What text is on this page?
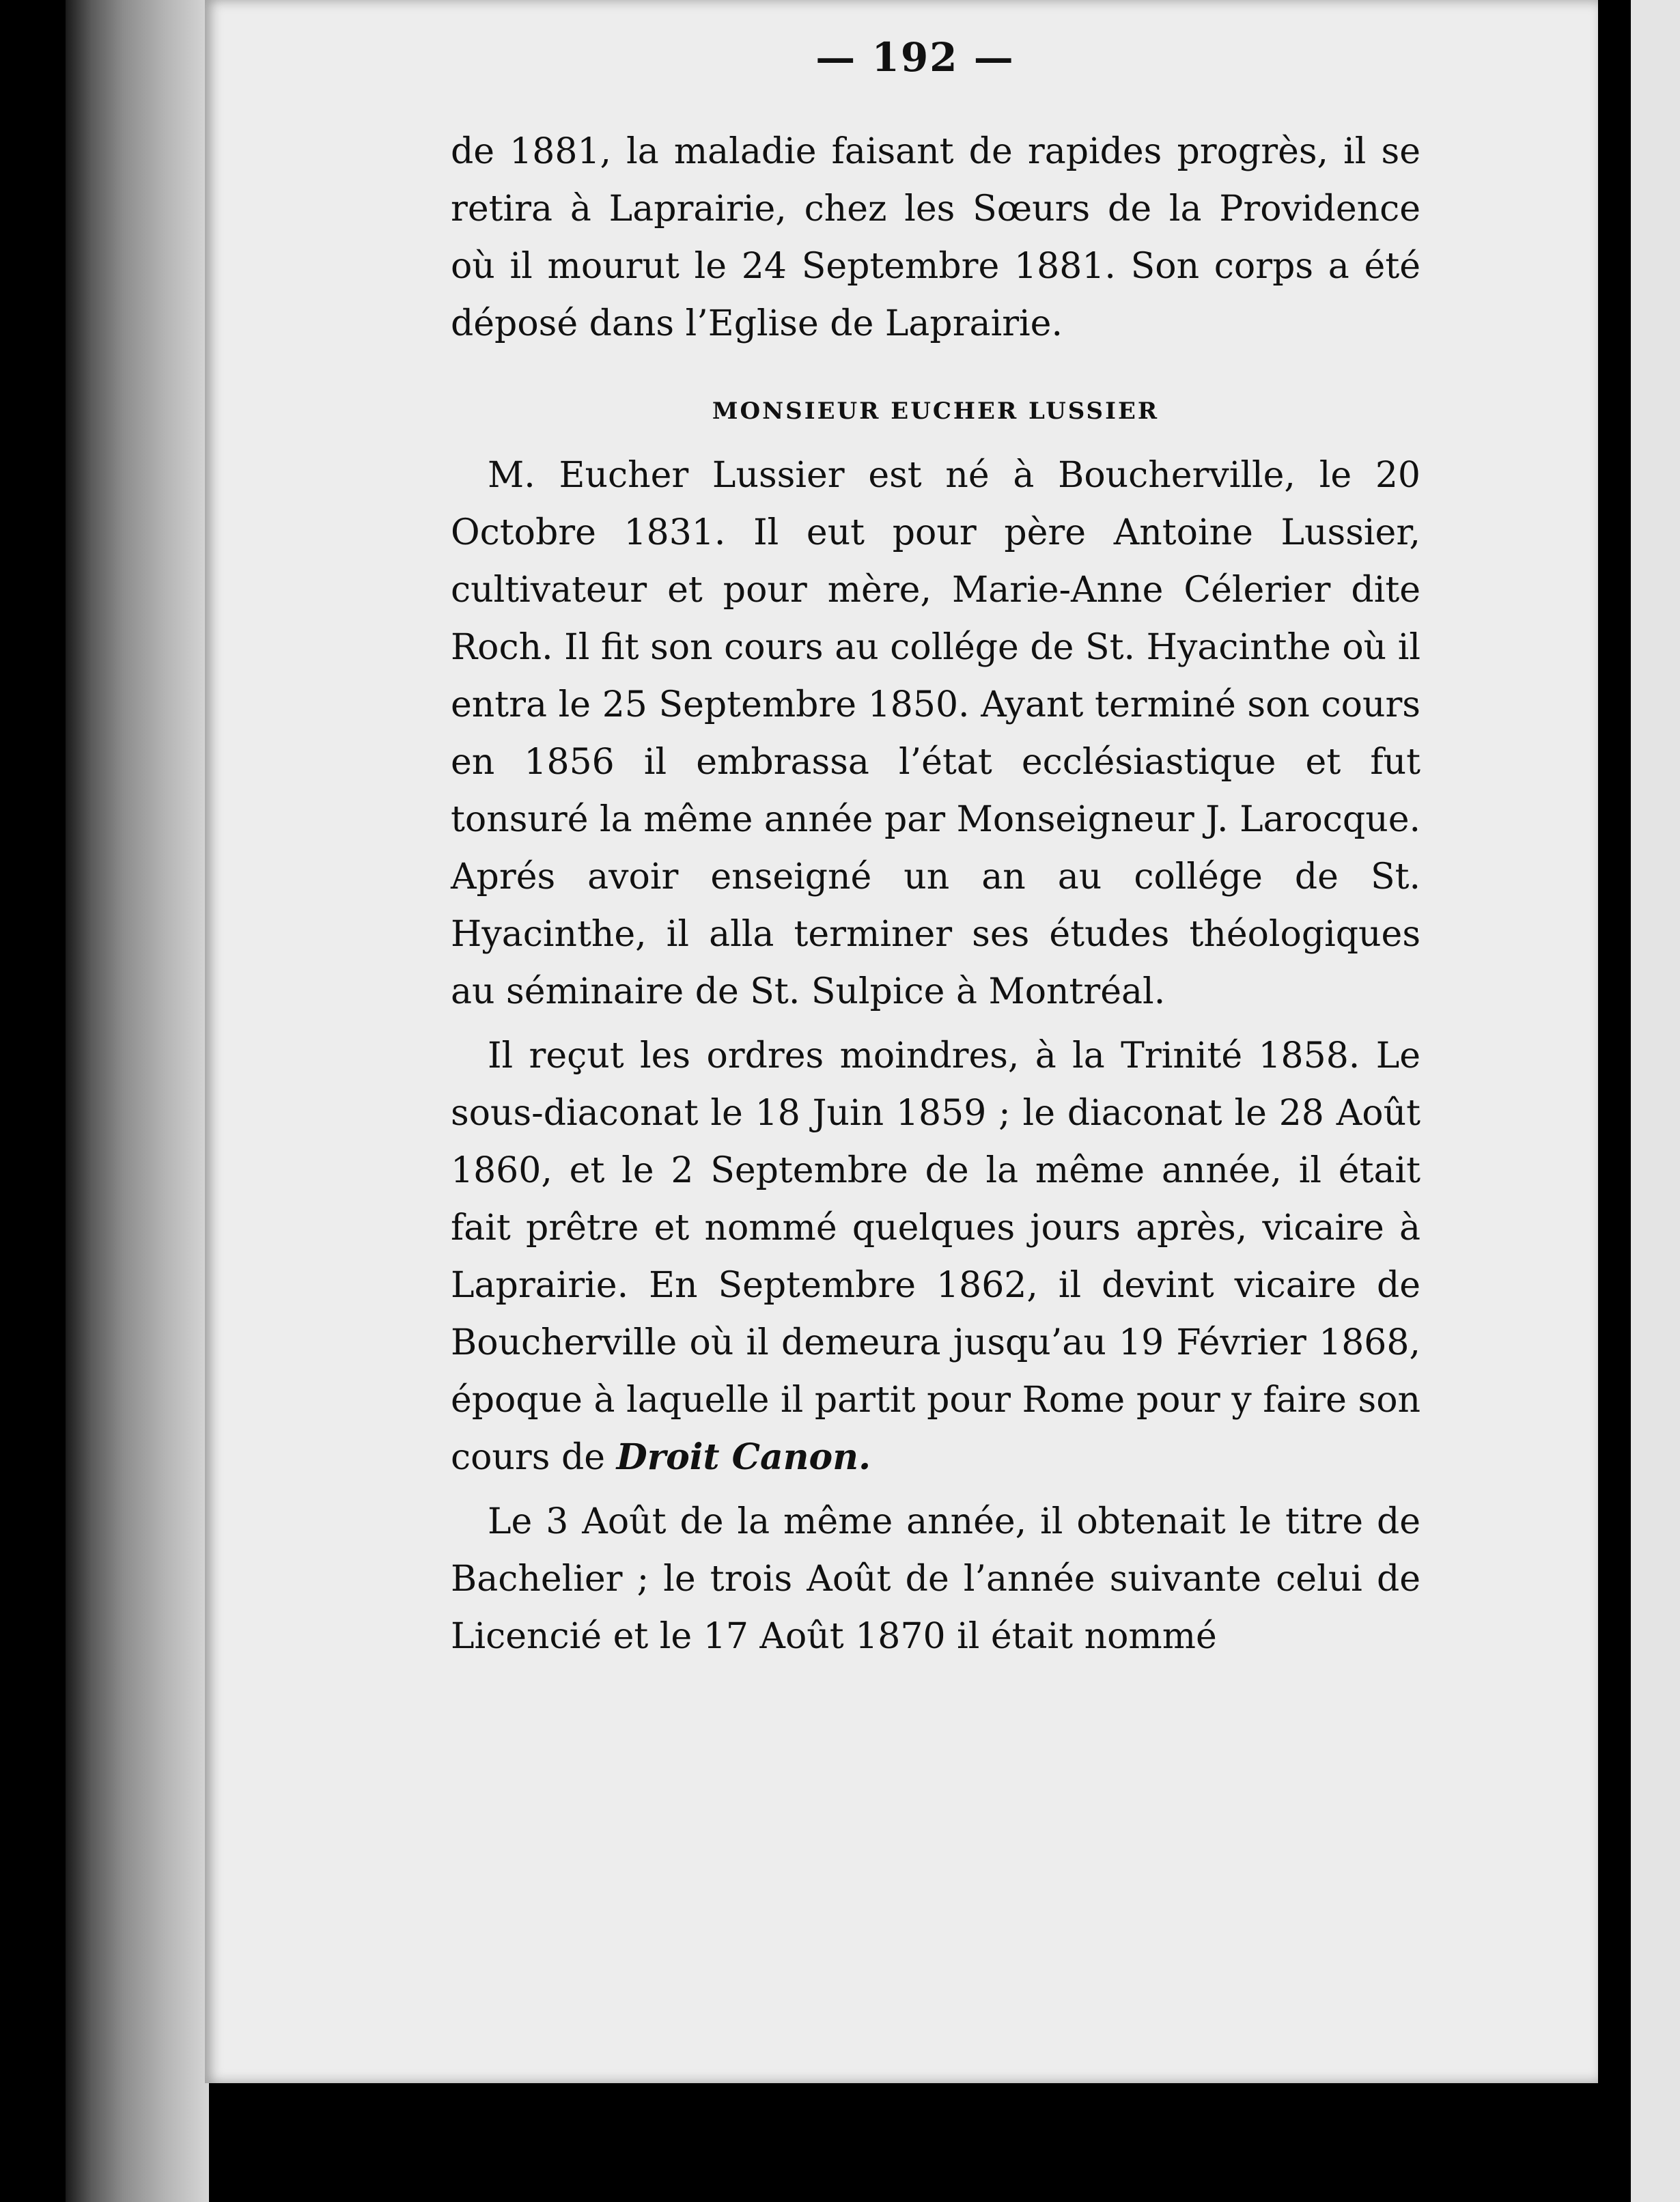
— 192 —

de 1881, la maladie faisant de rapides progrès, il se retira à Laprairie, chez les Sœurs de la Providence où il mourut le 24 Septembre 1881. Son corps a été déposé dans l’Eglise de Laprairie.

MONSIEUR EUCHER LUSSIER

M. Eucher Lussier est né à Boucherville, le 20 Octobre 1831. Il eut pour père Antoine Lussier, cultivateur et pour mère, Marie-Anne Célerier dite Roch. Il fit son cours au collége de St. Hyacinthe où il entra le 25 Septembre 1850. Ayant terminé son cours en 1856 il embrassa l’état ecclésiastique et fut tonsuré la même année par Monseigneur J. Larocque. Aprés avoir enseigné un an au collége de St. Hyacinthe, il alla terminer ses études théologiques au séminaire de St. Sulpice à Montréal.

Il reçut les ordres moindres, à la Trinité 1858. Le sous-diaconat le 18 Juin 1859 ; le diaconat le 28 Août 1860, et le 2 Septembre de la même année, il était fait prêtre et nommé quelques jours après, vicaire à Laprairie. En Septembre 1862, il devint vicaire de Boucherville où il demeura jusqu’au 19 Février 1868, époque à laquelle il partit pour Rome pour y faire son cours de Droit Canon.

Le 3 Août de la même année, il obtenait le titre de Bachelier ; le trois Août de l’année suivante celui de Licencié et le 17 Août 1870 il était nommé
